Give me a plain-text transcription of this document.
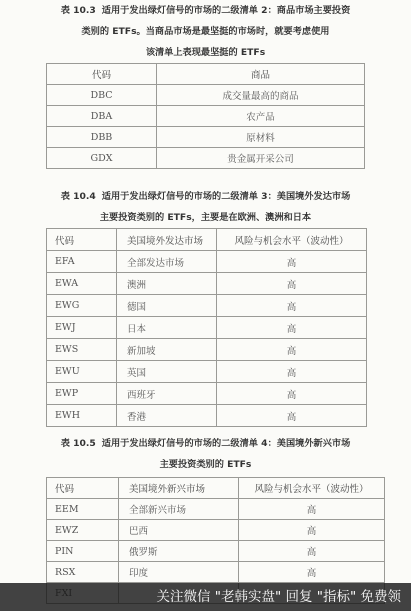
表 10.3 适用于发出绿灯信号的市场的二级清单 2：商品市场主要投资
类别的 ETFs。当商品市场是最坚挺的市场时，就要考虑使用
该清单上表现最坚挺的 ETFs
代码	商品
DBC	成交量最高的商品
DBA	农产品
DBB	原材料
GDX	贵金属开采公司
表 10.4 适用于发出绿灯信号的市场的二级清单 3：美国境外发达市场
主要投资类别的 ETFs，主要是在欧洲、澳洲和日本
代码	美国境外发达市场	风险与机会水平（波动性）
EFA	全部发达市场	高
EWA	澳洲	高
EWG	德国	高
EWJ	日本	高
EWS	新加坡	高
EWU	英国	高
EWP	西班牙	高
EWH	香港	高
表 10.5 适用于发出绿灯信号的市场的二级清单 4：美国境外新兴市场
主要投资类别的 ETFs
代码	美国境外新兴市场	风险与机会水平（波动性）
EEM	全部新兴市场	高
EWZ	巴西	高
PIN	俄罗斯	高
RSX	印度	高

关注微信 "老韩实盘" 回复 "指标" 免费领
